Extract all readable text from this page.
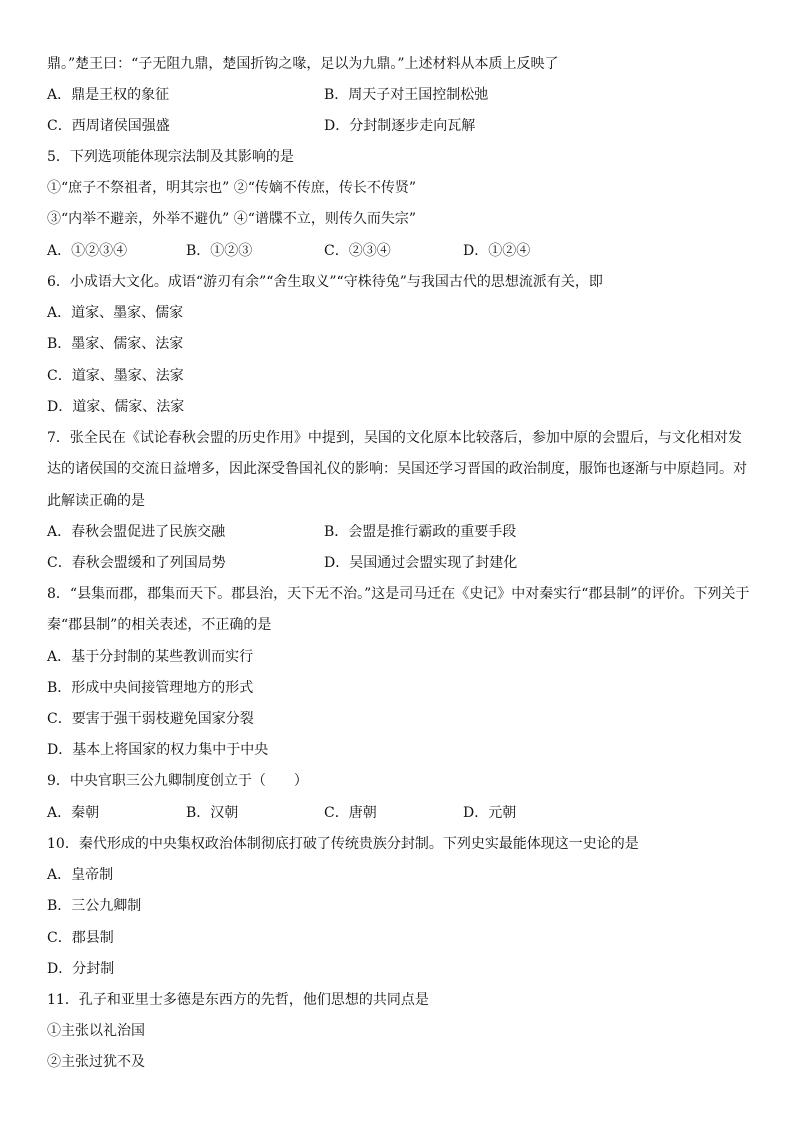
鼎。”楚王曰：“子无阻九鼎，楚国折钩之喙，足以为九鼎。”上述材料从本质上反映了
A．鼎是王权的象征	B．周天子对王国控制松弛
C．西周诸侯国强盛	D．分封制逐步走向瓦解
5．下列选项能体现宗法制及其影响的是
①“庶子不祭祖者，明其宗也” ②“传嫡不传庶，传长不传贤”
③“内举不避亲，外举不避仇” ④“谱牒不立，则传久而失宗”
A．①②③④	B．①②③	C．②③④	D．①②④
6．小成语大文化。成语“游刃有余”“舍生取义”“守株待兔”与我国古代的思想流派有关，即
A．道家、墨家、儒家
B．墨家、儒家、法家
C．道家、墨家、法家
D．道家、儒家、法家
7．张全民在《试论春秋会盟的历史作用》中提到，吴国的文化原本比较落后，参加中原的会盟后，与文化相对发
达的诸侯国的交流日益增多，因此深受鲁国礼仪的影响：吴国还学习晋国的政治制度，服饰也逐渐与中原趋同。对
此解读正确的是
A．春秋会盟促进了民族交融	B．会盟是推行霸政的重要手段
C．春秋会盟缓和了列国局势	D．吴国通过会盟实现了封建化
8．“县集而郡，郡集而天下。郡县治，天下无不治。”这是司马迁在《史记》中对秦实行“郡县制”的评价。下列关于
秦“郡县制”的相关表述，不正确的是
A．基于分封制的某些教训而实行
B．形成中央间接管理地方的形式
C．要害于强干弱枝避免国家分裂
D．基本上将国家的权力集中于中央
9．中央官职三公九卿制度创立于（　　）
A．秦朝	B．汉朝	C．唐朝	D．元朝
10．秦代形成的中央集权政治体制彻底打破了传统贵族分封制。下列史实最能体现这一史论的是
A．皇帝制
B．三公九卿制
C．郡县制
D．分封制
11．孔子和亚里士多德是东西方的先哲，他们思想的共同点是
①主张以礼治国
②主张过犹不及
